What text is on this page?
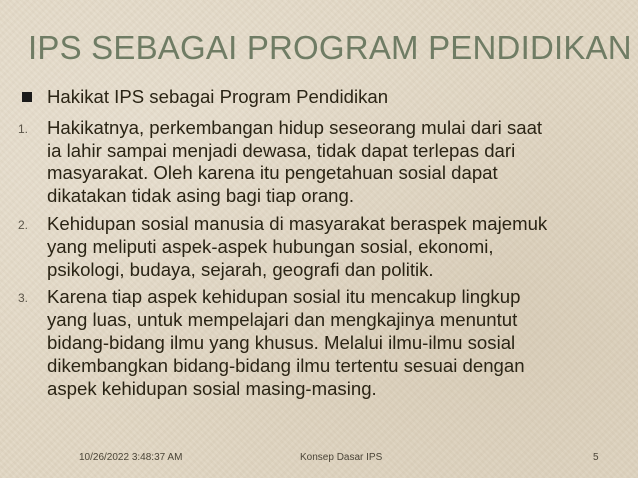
IPS SEBAGAI PROGRAM PENDIDIKAN
Hakikat IPS sebagai Program Pendidikan
1. Hakikatnya, perkembangan hidup seseorang mulai dari saat
ia lahir sampai menjadi dewasa, tidak dapat terlepas dari
masyarakat. Oleh karena itu pengetahuan sosial dapat
dikatakan tidak asing bagi tiap orang.
2. Kehidupan sosial manusia di masyarakat beraspek majemuk
yang meliputi aspek-aspek hubungan sosial, ekonomi,
psikologi, budaya, sejarah, geografi dan politik.
3. Karena tiap aspek kehidupan sosial itu mencakup lingkup
yang luas, untuk mempelajari dan mengkajinya menuntut
bidang-bidang ilmu yang khusus. Melalui ilmu-ilmu sosial
dikembangkan bidang-bidang ilmu tertentu sesuai dengan
aspek kehidupan sosial masing-masing.
10/26/2022 3:48:37 AM	Konsep Dasar IPS	5
